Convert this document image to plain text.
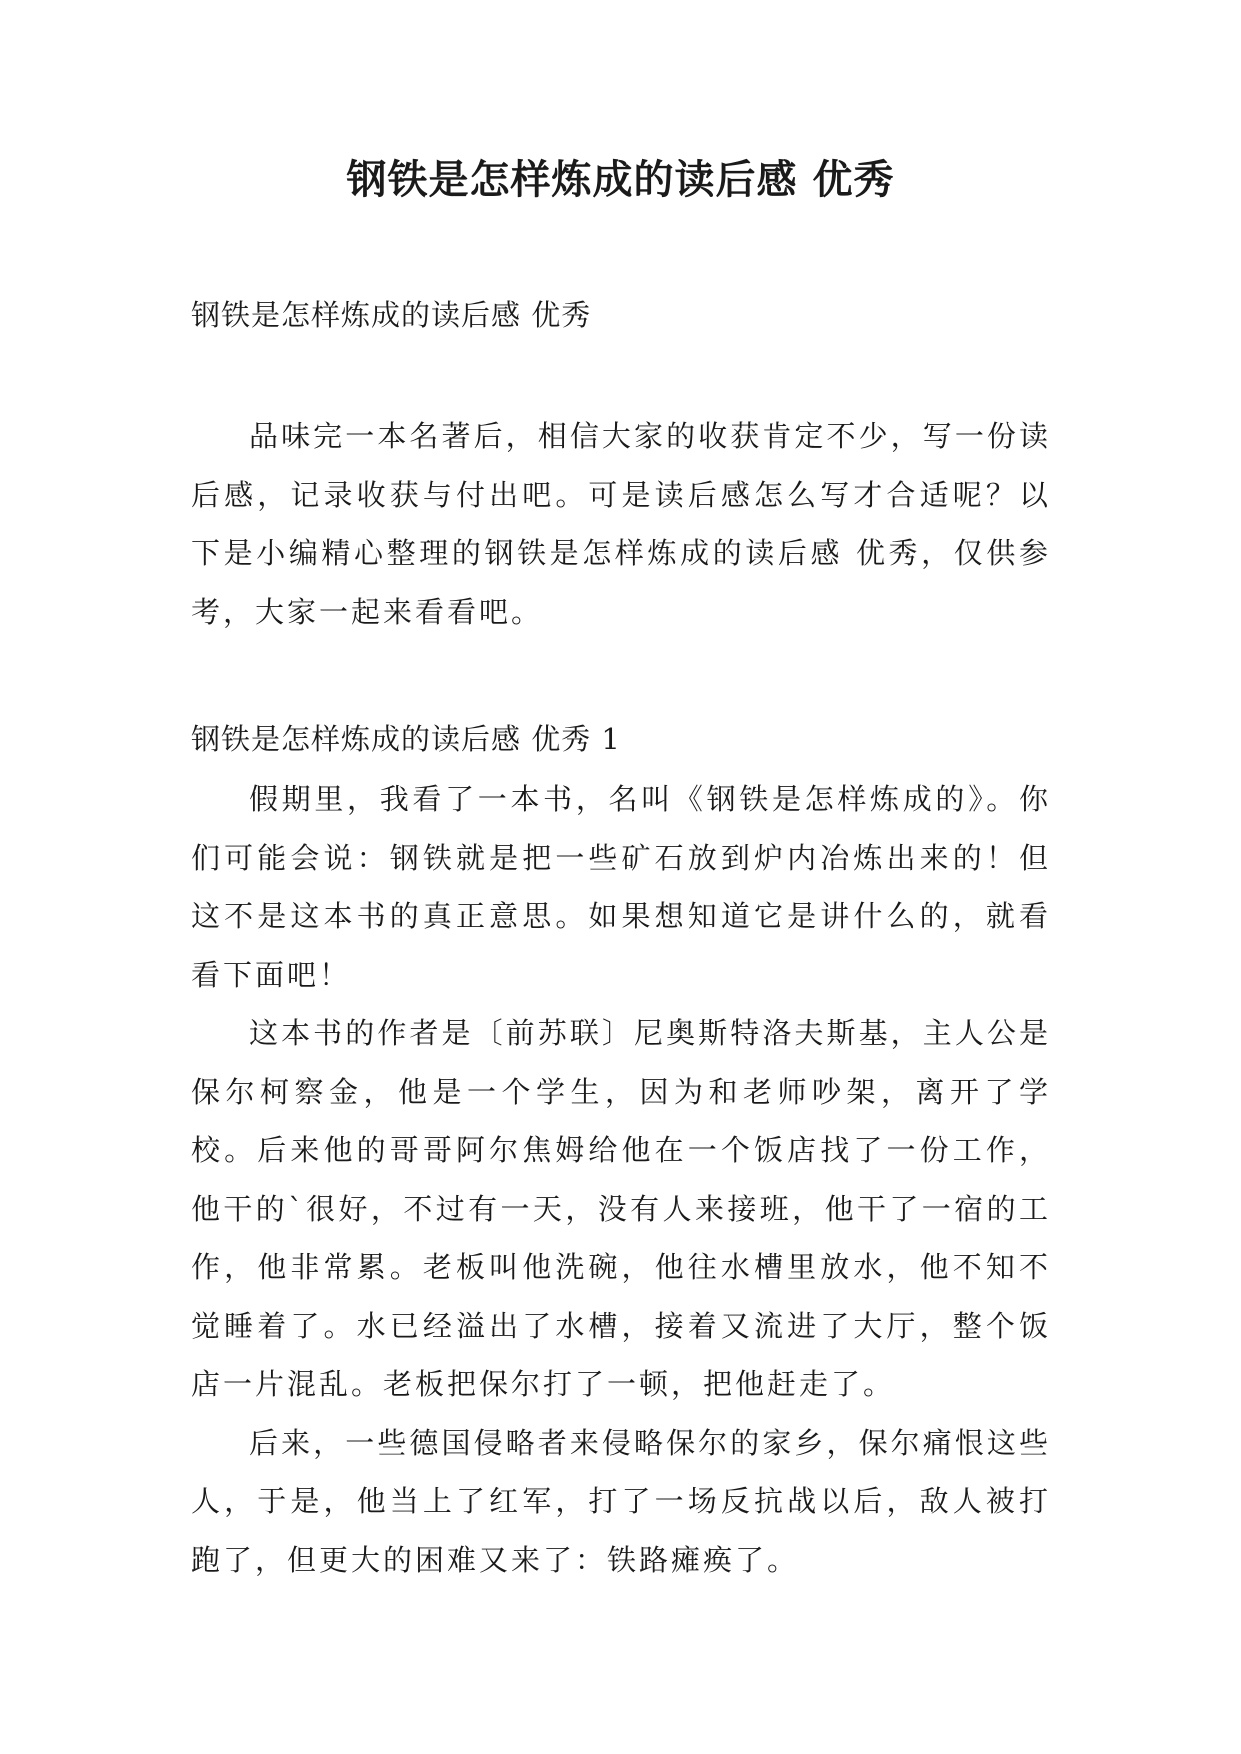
钢铁是怎样炼成的读后感 优秀

钢铁是怎样炼成的读后感 优秀

品味完一本名著后，相信大家的收获肯定不少，写一份读后感，记录收获与付出吧。可是读后感怎么写才合适呢？以下是小编精心整理的钢铁是怎样炼成的读后感 优秀，仅供参考，大家一起来看看吧。

钢铁是怎样炼成的读后感 优秀 1

假期里，我看了一本书，名叫《钢铁是怎样炼成的》。你们可能会说：钢铁就是把一些矿石放到炉内冶炼出来的！但这不是这本书的真正意思。如果想知道它是讲什么的，就看看下面吧！

这本书的作者是〔前苏联〕尼奥斯特洛夫斯基，主人公是保尔柯察金，他是一个学生，因为和老师吵架，离开了学校。后来他的哥哥阿尔焦姆给他在一个饭店找了一份工作，他干的`很好，不过有一天，没有人来接班，他干了一宿的工作，他非常累。老板叫他洗碗，他往水槽里放水，他不知不觉睡着了。水已经溢出了水槽，接着又流进了大厅，整个饭店一片混乱。老板把保尔打了一顿，把他赶走了。

后来，一些德国侵略者来侵略保尔的家乡，保尔痛恨这些人，于是，他当上了红军，打了一场反抗战以后，敌人被打跑了，但更大的困难又来了：铁路瘫痪了。
